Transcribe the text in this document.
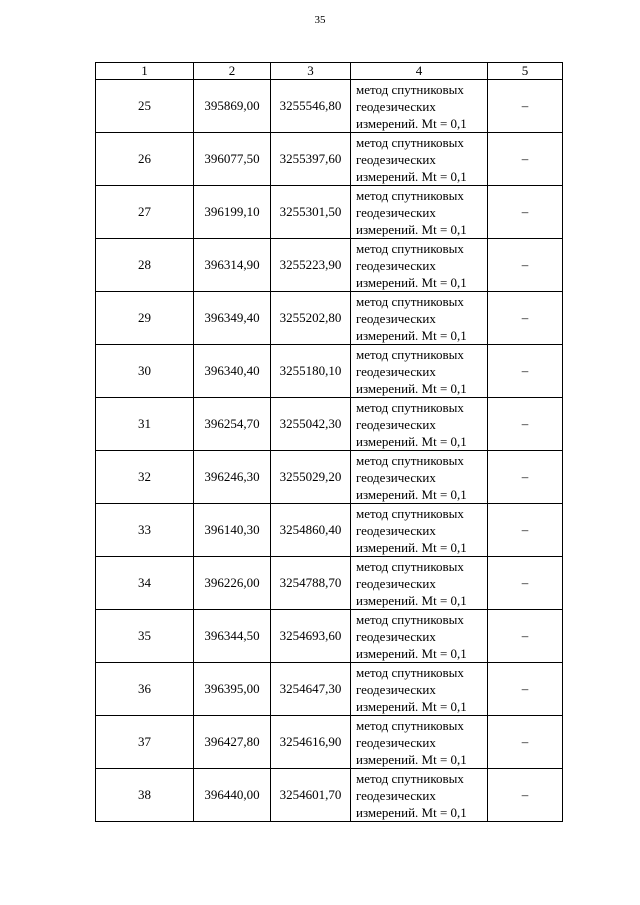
35
1	2	3	4	5
25	395869,00	3255546,80	метод спутниковых
геодезических
измерений. Mt = 0,1	–
26	396077,50	3255397,60	метод спутниковых
геодезических
измерений. Mt = 0,1	–
27	396199,10	3255301,50	метод спутниковых
геодезических
измерений. Mt = 0,1	–
28	396314,90	3255223,90	метод спутниковых
геодезических
измерений. Mt = 0,1	–
29	396349,40	3255202,80	метод спутниковых
геодезических
измерений. Mt = 0,1	–
30	396340,40	3255180,10	метод спутниковых
геодезических
измерений. Mt = 0,1	–
31	396254,70	3255042,30	метод спутниковых
геодезических
измерений. Mt = 0,1	–
32	396246,30	3255029,20	метод спутниковых
геодезических
измерений. Mt = 0,1	–
33	396140,30	3254860,40	метод спутниковых
геодезических
измерений. Mt = 0,1	–
34	396226,00	3254788,70	метод спутниковых
геодезических
измерений. Mt = 0,1	–
35	396344,50	3254693,60	метод спутниковых
геодезических
измерений. Mt = 0,1	–
36	396395,00	3254647,30	метод спутниковых
геодезических
измерений. Mt = 0,1	–
37	396427,80	3254616,90	метод спутниковых
геодезических
измерений. Mt = 0,1	–
38	396440,00	3254601,70	метод спутниковых
геодезических
измерений. Mt = 0,1	–
